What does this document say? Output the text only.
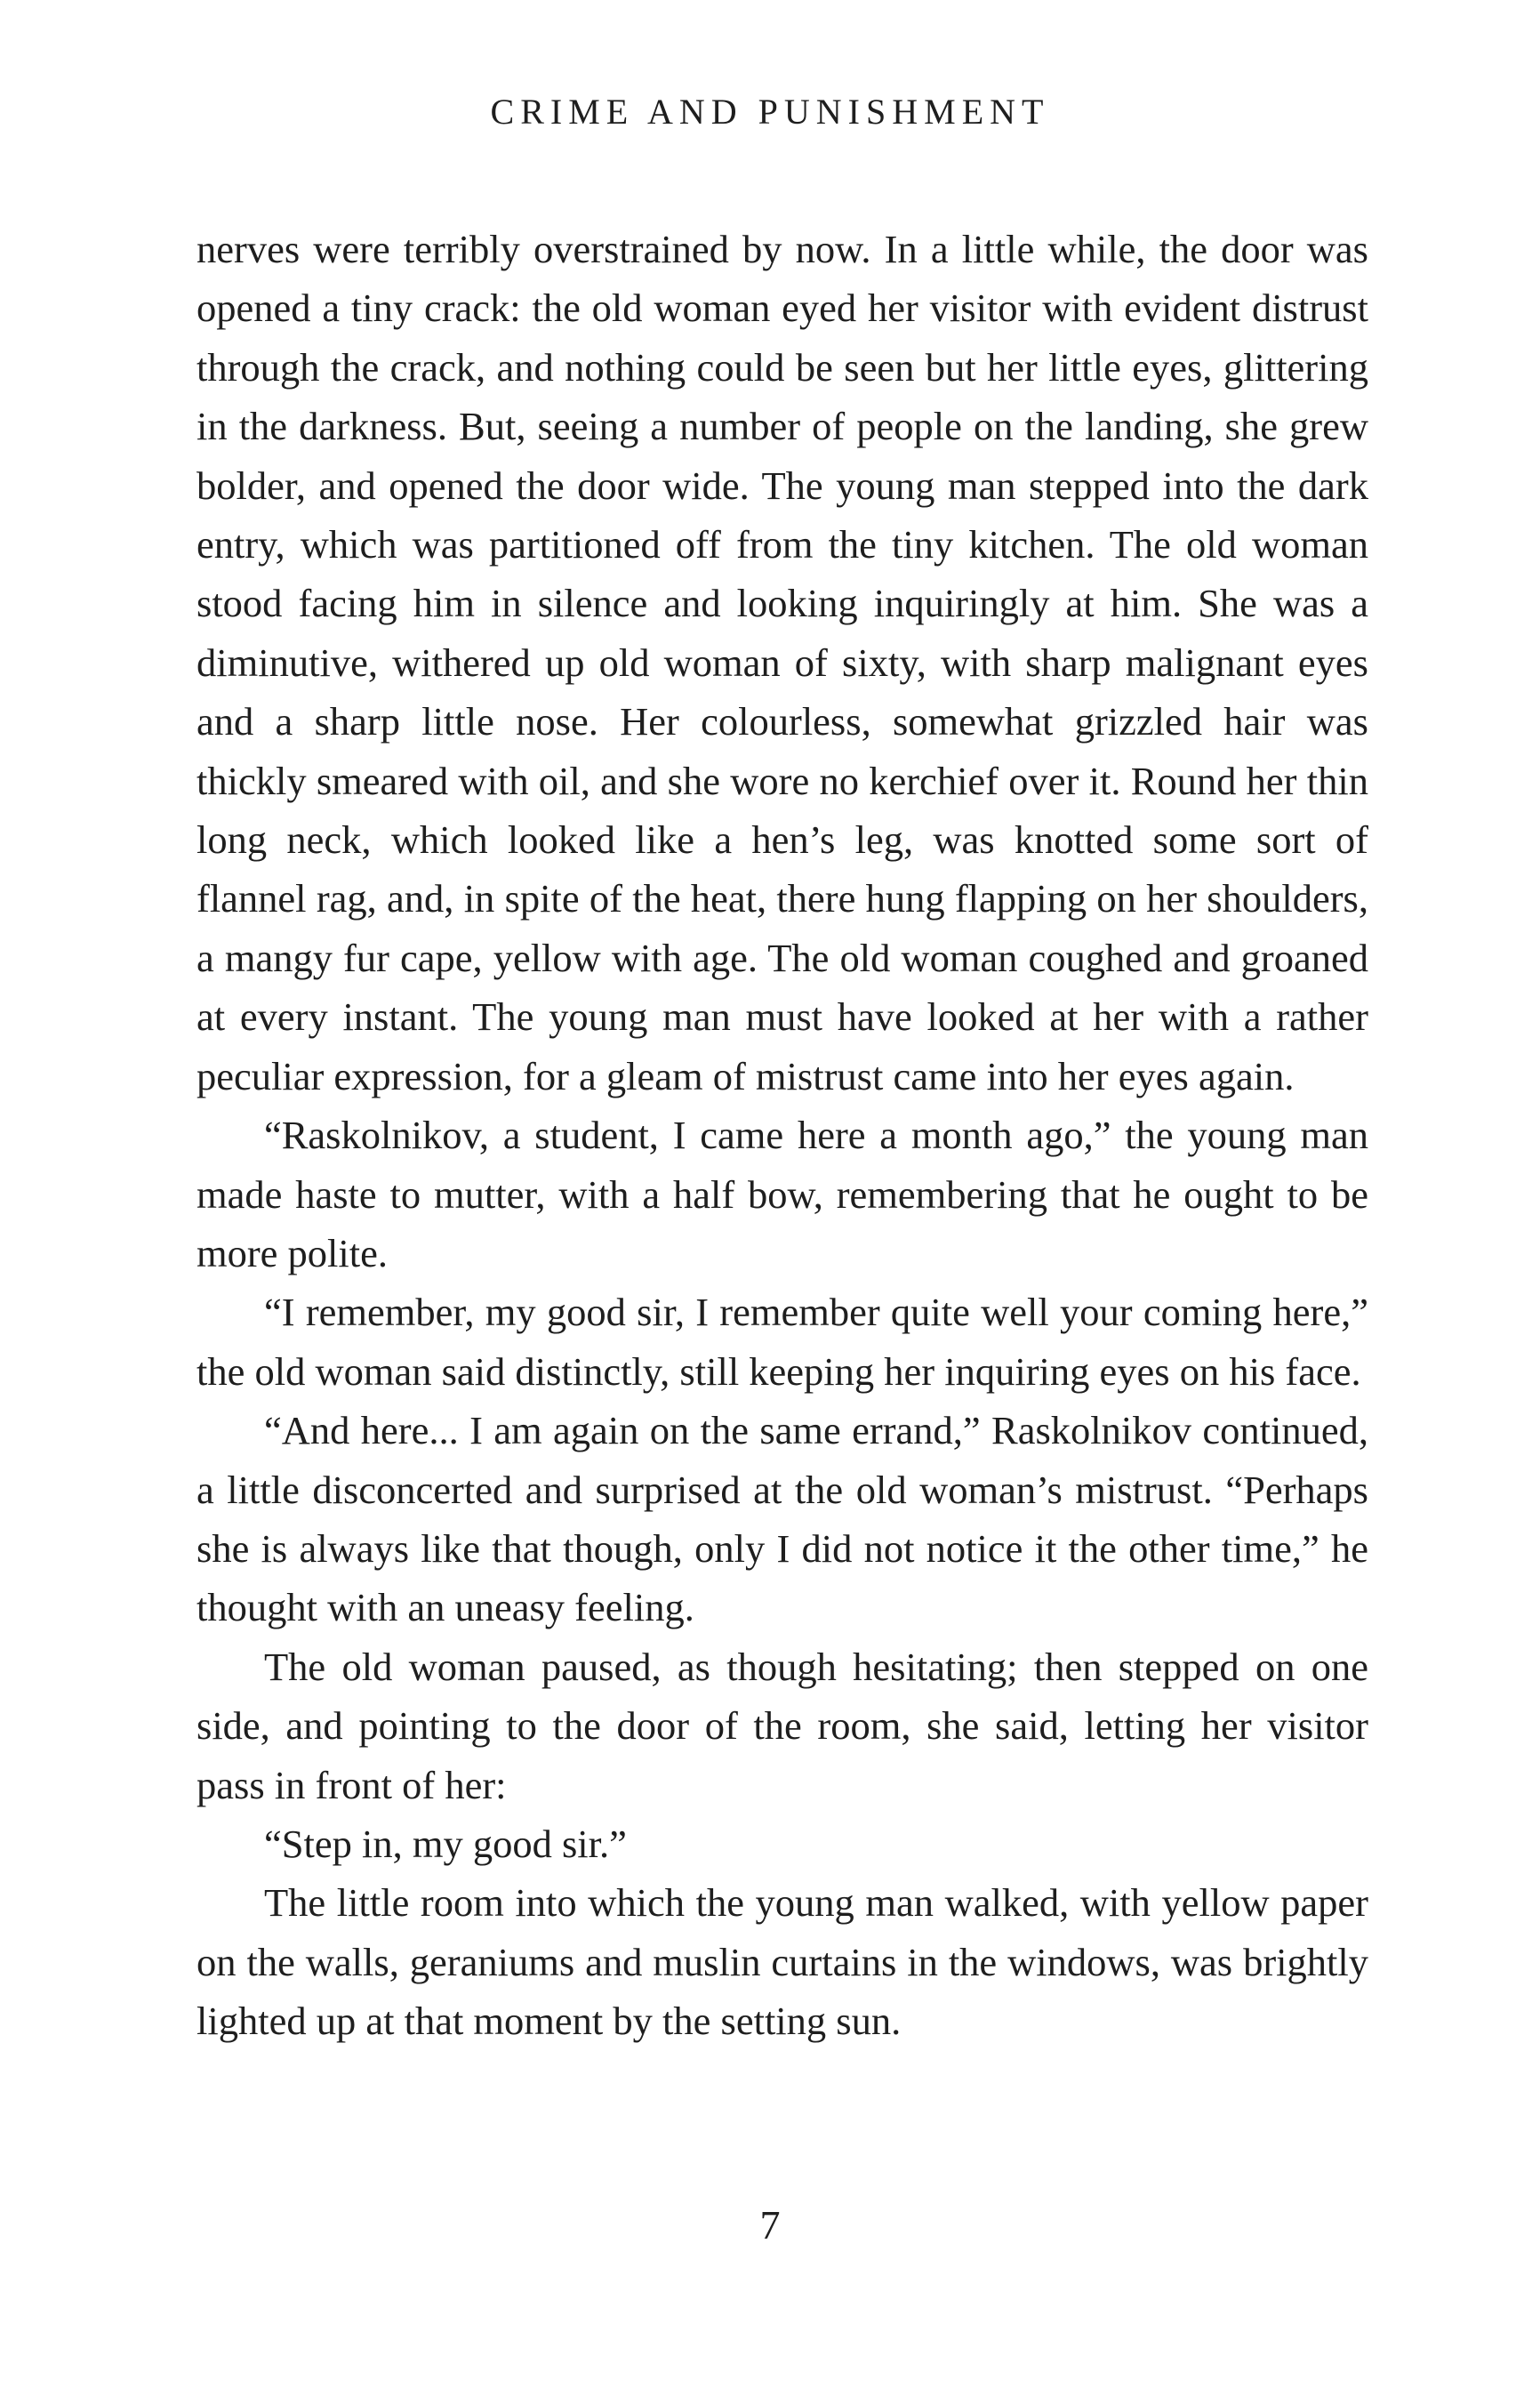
CRIME AND PUNISHMENT

nerves were terribly overstrained by now. In a little while, the door was opened a tiny crack: the old woman eyed her visitor with evident distrust through the crack, and nothing could be seen but her little eyes, glittering in the darkness. But, seeing a number of people on the landing, she grew bolder, and opened the door wide. The young man stepped into the dark entry, which was partitioned off from the tiny kitchen. The old woman stood facing him in silence and looking inquiringly at him. She was a diminutive, withered up old woman of sixty, with sharp malignant eyes and a sharp little nose. Her colourless, somewhat grizzled hair was thickly smeared with oil, and she wore no kerchief over it. Round her thin long neck, which looked like a hen’s leg, was knotted some sort of flannel rag, and, in spite of the heat, there hung flapping on her shoulders, a mangy fur cape, yellow with age. The old woman coughed and groaned at every instant. The young man must have looked at her with a rather peculiar expression, for a gleam of mistrust came into her eyes again.

“Raskolnikov, a student, I came here a month ago,” the young man made haste to mutter, with a half bow, remembering that he ought to be more polite.

“I remember, my good sir, I remember quite well your coming here,” the old woman said distinctly, still keeping her inquiring eyes on his face.

“And here... I am again on the same errand,” Raskolnikov continued, a little disconcerted and surprised at the old woman’s mistrust. “Perhaps she is always like that though, only I did not notice it the other time,” he thought with an uneasy feeling.

The old woman paused, as though hesitating; then stepped on one side, and pointing to the door of the room, she said, letting her visitor pass in front of her:

“Step in, my good sir.”

The little room into which the young man walked, with yellow paper on the walls, geraniums and muslin curtains in the windows, was brightly lighted up at that moment by the setting sun.

7
